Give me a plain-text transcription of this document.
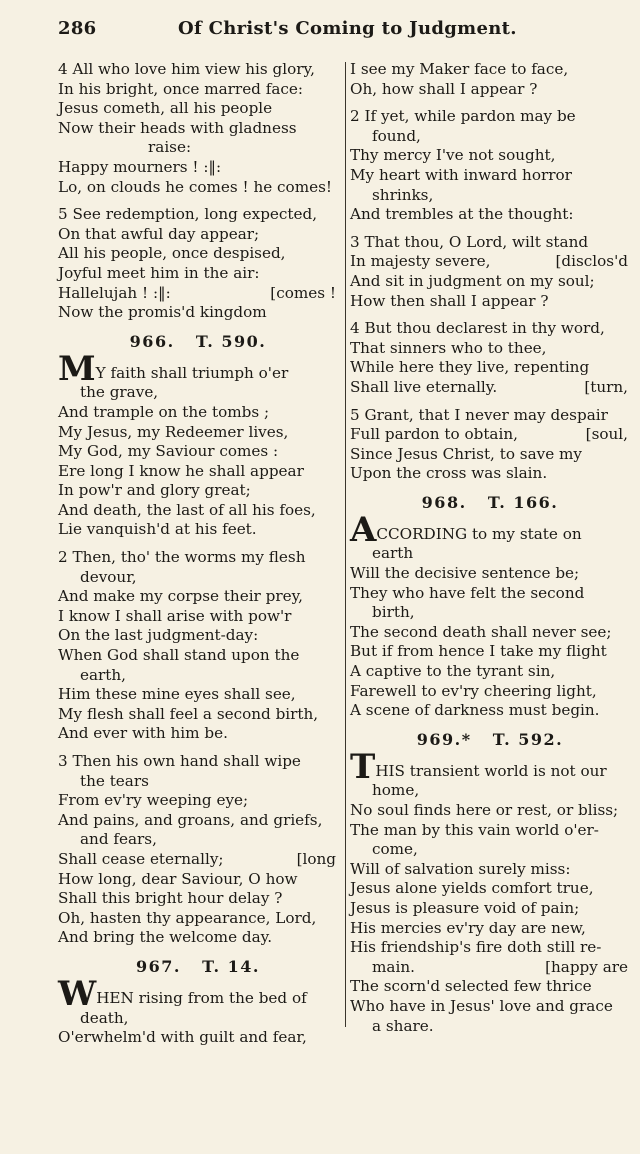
286	Of Christ's Coming to Judgment.

4 All who love him view his glory,

In his bright, once marred face:

Jesus cometh, all his people

Now their heads with gladness

raise:

Happy mourners ! :‖:

Lo, on clouds he comes ! he comes!

5 See redemption, long expected,

On that awful day appear;

All his people, once despised,

Joyful meet him in the air:

Hallelujah ! :‖:	[comes !

Now the promis'd kingdom

966. T. 590.

MY faith shall triumph o'er

the grave,

And trample on the tombs ;

My Jesus, my Redeemer lives,

My God, my Saviour comes :

Ere long I know he shall appear

In pow'r and glory great;

And death, the last of all his foes,

Lie vanquish'd at his feet.

2 Then, tho' the worms my flesh

devour,

And make my corpse their prey,

I know I shall arise with pow'r

On the last judgment-day:

When God shall stand upon the

earth,

Him these mine eyes shall see,

My flesh shall feel a second birth,

And ever with him be.

3 Then his own hand shall wipe

the tears

From ev'ry weeping eye;

And pains, and groans, and griefs,

and fears,

Shall cease eternally;	[long

How long, dear Saviour, O how

Shall this bright hour delay ?

Oh, hasten thy appearance, Lord,

And bring the welcome day.

967. T. 14.

WHEN rising from the bed of

death,

O'erwhelm'd with guilt and fear,

I see my Maker face to face,

Oh, how shall I appear ?

2 If yet, while pardon may be

found,

Thy mercy I've not sought,

My heart with inward horror

shrinks,

And trembles at the thought:

3 That thou, O Lord, wilt stand

In majesty severe,	[disclos'd

And sit in judgment on my soul;

How then shall I appear ?

4 But thou declarest in thy word,

That sinners who to thee,

While here they live, repenting

Shall live eternally.	[turn,

5 Grant, that I never may despair

Full pardon to obtain,	[soul,

Since Jesus Christ, to save my

Upon the cross was slain.

968. T. 166.

ACCORDING to my state on

earth

Will the decisive sentence be;

They who have felt the second

birth,

The second death shall never see;

But if from hence I take my flight

A captive to the tyrant sin,

Farewell to ev'ry cheering light,

A scene of darkness must begin.

969.* T. 592.

THIS transient world is not our

home,

No soul finds here or rest, or bliss;

The man by this vain world o'er-

come,

Will of salvation surely miss:

Jesus alone yields comfort true,

Jesus is pleasure void of pain;

His mercies ev'ry day are new,

His friendship's fire doth still re-

main.	[happy are

The scorn'd selected few thrice

Who have in Jesus' love and grace

a share.
